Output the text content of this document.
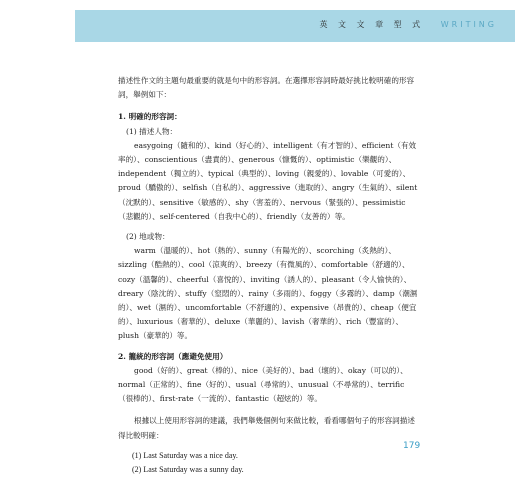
英 文 文 章 型 式 WRITING

描述性作文的主題句最重要的就是句中的形容詞。在選擇形容詞時最好挑比較明確的形容詞，舉例如下：

1. 明確的形容詞：

(1) 描述人物：

easygoing（隨和的）、kind（好心的）、intelligent（有才智的）、efficient（有效率的）、conscientious（盡責的）、generous（慷慨的）、optimistic（樂觀的）、independent（獨立的）、typical（典型的）、loving（親愛的）、lovable（可愛的）、proud（驕傲的）、selfish（自私的）、aggressive（進取的）、angry（生氣的）、silent（沈默的）、sensitive（敏感的）、shy（害羞的）、nervous（緊張的）、pessimistic（悲觀的）、self-centered（自我中心的）、friendly（友善的）等。

(2) 地或物：

warm（溫暖的）、hot（熱的）、sunny（有陽光的）、scorching（炙熱的）、sizzling（酷熱的）、cool（涼爽的）、breezy（有微風的）、comfortable（舒適的）、cozy（溫馨的）、cheerful（喜悅的）、inviting（誘人的）、pleasant（令人愉快的）、dreary（陰沈的）、stuffy（窒悶的）、rainy（多雨的）、foggy（多霧的）、damp（潮濕的）、wet（濕的）、uncomfortable（不舒適的）、expensive（昂貴的）、cheap（便宜的）、luxurious（奢華的）、deluxe（華麗的）、lavish（奢華的）、rich（豐富的）、plush（豪華的）等。

2. 籠統的形容詞（應避免使用）

good（好的）、great（棒的）、nice（美好的）、bad（壞的）、okay（可以的）、normal（正常的）、fine（好的）、usual（尋常的）、unusual（不尋常的）、terrific（很棒的）、first-rate（一流的）、fantastic（超炫的）等。

根據以上使用形容詞的建議，我們舉幾個例句來做比較，看看哪個句子的形容詞描述得比較明確：

(1) Last Saturday was a nice day.

(2) Last Saturday was a sunny day.

179
